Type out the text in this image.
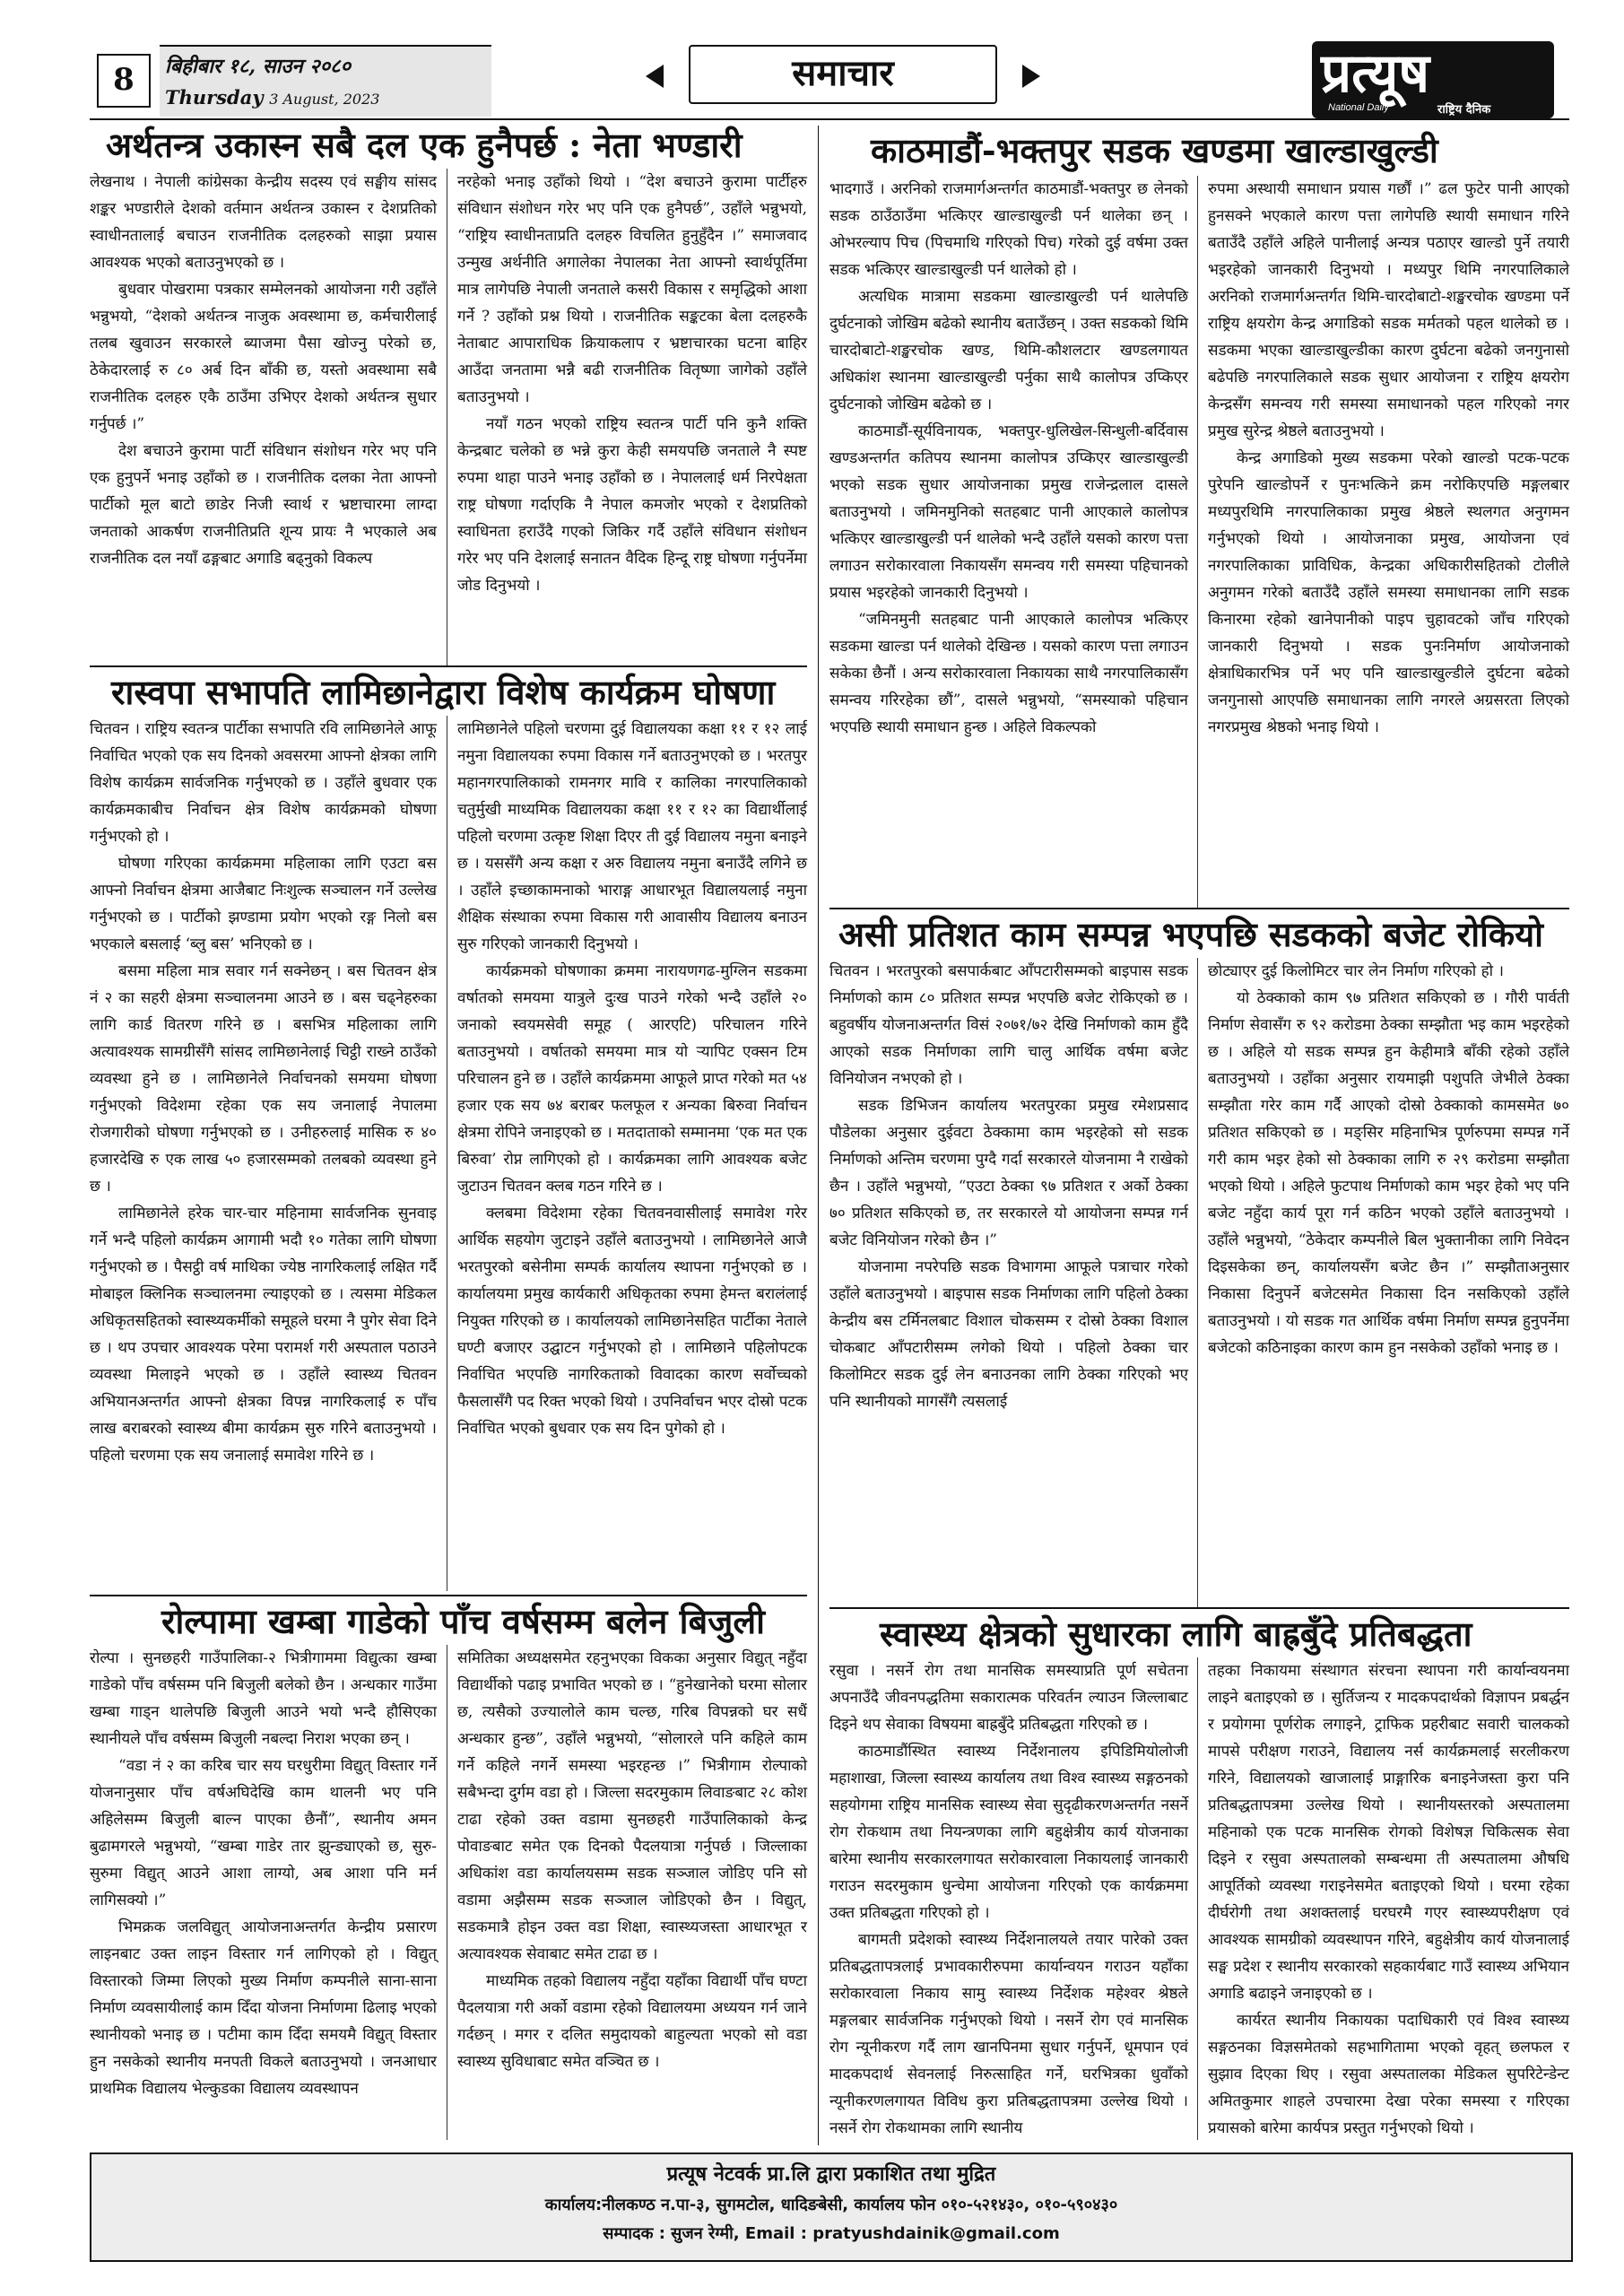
8	बिहीबार १८, साउन २०८०
Thursday 3 August, 2023
समाचार	प्रत्यूष
National Daily	राष्ट्रिय दैनिक
अर्थतन्त्र उकास्न सबै दल एक हुनैपर्छ : नेता भण्डारी

लेखनाथ । नेपाली कांग्रेसका केन्द्रीय सदस्य एवं सङ्घीय सांसद शङ्कर भण्डारीले देशको वर्तमान अर्थतन्त्र उकास्न र देशप्रतिको स्वाधीनतालाई बचाउन राजनीतिक दलहरुको साझा प्रयास आवश्यक भएको बताउनुभएको छ ।

बुधवार पोखरामा पत्रकार सम्मेलनको आयोजना गरी उहाँले भन्नुभयो, “देशको अर्थतन्त्र नाजुक अवस्थामा छ, कर्मचारीलाई तलब खुवाउन सरकारले ब्याजमा पैसा खोज्नु परेको छ, ठेकेदारलाई रु ८० अर्ब दिन बाँकी छ, यस्तो अवस्थामा सबै राजनीतिक दलहरु एकै ठाउँमा उभिएर देशको अर्थतन्त्र सुधार गर्नुपर्छ ।”

देश बचाउने कुरामा पार्टी संविधान संशोधन गरेर भए पनि एक हुनुपर्ने भनाइ उहाँको छ । राजनीतिक दलका नेता आफ्नो पार्टीको मूल बाटो छाडेर निजी स्वार्थ र भ्रष्टाचारमा लाग्दा जनताको आकर्षण राजनीतिप्रति शून्य प्रायः नै भएकाले अब राजनीतिक दल नयाँ ढङ्गबाट अगाडि बढ्नुको विकल्प

नरहेको भनाइ उहाँको थियो । “देश बचाउने कुरामा पार्टीहरु संविधान संशोधन गरेर भए पनि एक हुनैपर्छ”, उहाँले भन्नुभयो, “राष्ट्रिय स्वाधीनताप्रति दलहरु विचलित हुनुहुँदैन ।” समाजवाद उन्मुख अर्थनीति अगालेका नेपालका नेता आफ्नो स्वार्थपूर्तिमा मात्र लागेपछि नेपाली जनताले कसरी विकास र समृद्धिको आशा गर्ने ? उहाँको प्रश्न थियो । राजनीतिक सङ्कटका बेला दलहरुकै नेताबाट आपाराधिक क्रियाकलाप र भ्रष्टाचारका घटना बाहिर आउँदा जनतामा भन्नै बढी राजनीतिक वितृष्णा जागेको उहाँले बताउनुभयो ।

नयाँ गठन भएको राष्ट्रिय स्वतन्त्र पार्टी पनि कुनै शक्ति केन्द्रबाट चलेको छ भन्ने कुरा केही समयपछि जनताले नै स्पष्ट रुपमा थाहा पाउने भनाइ उहाँको छ । नेपाललाई धर्म निरपेक्षता राष्ट्र घोषणा गर्दाएकि नै नेपाल कमजोर भएको र देशप्रतिको स्वाधिनता हराउँदै गएको जिकिर गर्दै उहाँले संविधान संशोधन गरेर भए पनि देशलाई सनातन वैदिक हिन्दू राष्ट्र घोषणा गर्नुपर्नेमा जोड दिनुभयो ।

रास्वपा सभापति लामिछानेद्वारा विशेष कार्यक्रम घोषणा

चितवन । राष्ट्रिय स्वतन्त्र पार्टीका सभापति रवि लामिछानेले आफू निर्वाचित भएको एक सय दिनको अवसरमा आफ्नो क्षेत्रका लागि विशेष कार्यक्रम सार्वजनिक गर्नुभएको छ । उहाँले बुधवार एक कार्यक्रमकाबीच निर्वाचन क्षेत्र विशेष कार्यक्रमको घोषणा गर्नुभएको हो ।

घोषणा गरिएका कार्यक्रममा महिलाका लागि एउटा बस आफ्नो निर्वाचन क्षेत्रमा आजैबाट निःशुल्क सञ्चालन गर्ने उल्लेख गर्नुभएको छ । पार्टीको झण्डामा प्रयोग भएको रङ्ग निलो बस भएकाले बसलाई ‘ब्लु बस’ भनिएको छ ।

बसमा महिला मात्र सवार गर्न सक्नेछन् । बस चितवन क्षेत्र नं २ का सहरी क्षेत्रमा सञ्चालनमा आउने छ । बस चढ्नेहरुका लागि कार्ड वितरण गरिने छ । बसभित्र महिलाका लागि अत्यावश्यक सामग्रीसँगै सांसद लामिछानेलाई चिट्ठी राख्ने ठाउँको व्यवस्था हुने छ । लामिछानेले निर्वाचनको समयमा घोषणा गर्नुभएको विदेशमा रहेका एक सय जनालाई नेपालमा रोजगारीको घोषणा गर्नुभएको छ । उनीहरुलाई मासिक रु ४० हजारदेखि रु एक लाख ५० हजारसम्मको तलबको व्यवस्था हुने छ ।

लामिछानेले हरेक चार-चार महिनामा सार्वजनिक सुनवाइ गर्ने भन्दै पहिलो कार्यक्रम आगामी भदौ १० गतेका लागि घोषणा गर्नुभएको छ । पैसट्ठी वर्ष माथिका ज्येष्ठ नागरिकलाई लक्षित गर्दै मोबाइल क्लिनिक सञ्चालनमा ल्याइएको छ । त्यसमा मेडिकल अधिकृतसहितको स्वास्थ्यकर्मीको समूहले घरमा नै पुगेर सेवा दिने छ । थप उपचार आवश्यक परेमा परामर्श गरी अस्पताल पठाउने व्यवस्था मिलाइने भएको छ । उहाँले स्वास्थ्य चितवन अभियानअन्तर्गत आफ्नो क्षेत्रका विपन्न नागरिकलाई रु पाँच लाख बराबरको स्वास्थ्य बीमा कार्यक्रम सुरु गरिने बताउनुभयो । पहिलो चरणमा एक सय जनालाई समावेश गरिने छ ।

लामिछानेले पहिलो चरणमा दुई विद्यालयका कक्षा ११ र १२ लाई नमुना विद्यालयका रुपमा विकास गर्ने बताउनुभएको छ । भरतपुर महानगरपालिकाको रामनगर मावि र कालिका नगरपालिकाको चतुर्मुखी माध्यमिक विद्यालयका कक्षा ११ र १२ का विद्यार्थीलाई पहिलो चरणमा उत्कृष्ट शिक्षा दिएर ती दुई विद्यालय नमुना बनाइने छ । यससँगै अन्य कक्षा र अरु विद्यालय नमुना बनाउँदै लगिने छ । उहाँले इच्छाकामनाको भाराङ्ग आधारभूत विद्यालयलाई नमुना शैक्षिक संस्थाका रुपमा विकास गरी आवासीय विद्यालय बनाउन सुरु गरिएको जानकारी दिनुभयो ।

कार्यक्रमको घोषणाका क्रममा नारायणगढ-मुग्लिन सडकमा वर्षातको समयमा यात्रुले दुःख पाउने गरेको भन्दै उहाँले २० जनाको स्वयमसेवी समूह ( आरएटि) परिचालन गरिने बताउनुभयो । वर्षातको समयमा मात्र यो ऱ्यापिट एक्सन टिम परिचालन हुने छ । उहाँले कार्यक्रममा आफूले प्राप्त गरेको मत ५४ हजार एक सय ७४ बराबर फलफूल र अन्यका बिरुवा निर्वाचन क्षेत्रमा रोपिने जनाइएको छ । मतदाताको सम्मानमा ‘एक मत एक बिरुवा’ रोप्न लागिएको हो । कार्यक्रमका लागि आवश्यक बजेट जुटाउन चितवन क्लब गठन गरिने छ ।

क्लबमा विदेशमा रहेका चितवनवासीलाई समावेश गरेर आर्थिक सहयोग जुटाइने उहाँले बताउनुभयो । लामिछानेले आजै भरतपुरको बसेनीमा सम्पर्क कार्यालय स्थापना गर्नुभएको छ । कार्यालयमा प्रमुख कार्यकारी अधिकृतका रुपमा हेमन्त बरालंलाई नियुक्त गरिएको छ । कार्यालयको लामिछानेसहित पार्टीका नेताले घण्टी बजाएर उद्घाटन गर्नुभएको हो । लामिछाने पहिलोपटक निर्वाचित भएपछि नागरिकताको विवादका कारण सर्वोच्चको फैसलासँगै पद रिक्त भएको थियो । उपनिर्वाचन भएर दोस्रो पटक निर्वाचित भएको बुधवार एक सय दिन पुगेको हो ।

रोल्पामा खम्बा गाडेको पाँच वर्षसम्म बलेन बिजुली

रोल्पा । सुनछहरी गाउँपालिका-२ भित्रीगाममा विद्युत्का खम्बा गाडेको पाँच वर्षसम्म पनि बिजुली बलेको छैन । अन्धकार गाउँमा खम्बा गाड्न थालेपछि बिजुली आउने भयो भन्दै हौसिएका स्थानीयले पाँच वर्षसम्म बिजुली नबल्दा निराश भएका छन् ।

“वडा नं २ का करिब चार सय घरधुरीमा विद्युत् विस्तार गर्ने योजनानुसार पाँच वर्षअघिदेखि काम थालनी भए पनि अहिलेसम्म बिजुली बाल्न पाएका छैनौं”, स्थानीय अमन बुढामगरले भन्नुभयो, “खम्बा गाडेर तार झुन्ड्याएको छ, सुरु-सुरुमा विद्युत् आउने आशा लाग्यो, अब आशा पनि मर्न लागिसक्यो ।”

भिमक्रक जलविद्युत् आयोजनाअन्तर्गत केन्द्रीय प्रसारण लाइनबाट उक्त लाइन विस्तार गर्न लागिएको हो । विद्युत् विस्तारको जिम्मा लिएको मुख्य निर्माण कम्पनीले साना-साना निर्माण व्यवसायीलाई काम दिँदा योजना निर्माणमा ढिलाइ भएको स्थानीयको भनाइ छ । पटीमा काम दिँदा समयमै विद्युत् विस्तार हुन नसकेको स्थानीय मनपती विकले बताउनुभयो । जनआधार प्राथमिक विद्यालय भेल्कुडका विद्यालय व्यवस्थापन

समितिका अध्यक्षसमेत रहनुभएका विकका अनुसार विद्युत् नहुँदा विद्यार्थीको पढाइ प्रभावित भएको छ । “हुनेखानेको घरमा सोलार छ, त्यसैको उज्यालोले काम चल्छ, गरिब विपन्नको घर सधैं अन्धकार हुन्छ”, उहाँले भन्नुभयो, “सोलारले पनि कहिले काम गर्ने कहिले नगर्ने समस्या भइरहन्छ ।” भित्रीगाम रोल्पाको सबैभन्दा दुर्गम वडा हो । जिल्ला सदरमुकाम लिवाङबाट २८ कोश टाढा रहेको उक्त वडामा सुनछहरी गाउँपालिकाको केन्द्र पोवाङबाट समेत एक दिनको पैदलयात्रा गर्नुपर्छ । जिल्लाका अधिकांश वडा कार्यालयसम्म सडक सञ्जाल जोडिए पनि सो वडामा अझैसम्म सडक सञ्जाल जोडिएको छैन । विद्युत्, सडकमात्रै होइन उक्त वडा शिक्षा, स्वास्थ्यजस्ता आधारभूत र अत्यावश्यक सेवाबाट समेत टाढा छ ।

माध्यमिक तहको विद्यालय नहुँदा यहाँका विद्यार्थी पाँच घण्टा पैदलयात्रा गरी अर्को वडामा रहेको विद्यालयमा अध्ययन गर्न जाने गर्दछन् । मगर र दलित समुदायको बाहुल्यता भएको सो वडा स्वास्थ्य सुविधाबाट समेत वञ्चित छ ।

काठमाडौं-भक्तपुर सडक खण्डमा खाल्डाखुल्डी

भादगाउँ । अरनिको राजमार्गअन्तर्गत काठमाडौं-भक्तपुर छ लेनको सडक ठाउँठाउँमा भत्किएर खाल्डाखुल्डी पर्न थालेका छन् । ओभरल्याप पिच (पिचमाथि गरिएको पिच) गरेको दुई वर्षमा उक्त सडक भत्किएर खाल्डाखुल्डी पर्न थालेको हो ।

अत्यधिक मात्रामा सडकमा खाल्डाखुल्डी पर्न थालेपछि दुर्घटनाको जोखिम बढेको स्थानीय बताउँछन् । उक्त सडकको थिमि चारदोबाटो-शङ्खरचोक खण्ड, थिमि-कौशलटार खण्डलगायत अधिकांश स्थानमा खाल्डाखुल्डी पर्नुका साथै कालोपत्र उप्किएर दुर्घटनाको जोखिम बढेको छ ।

काठमाडौं-सूर्यविनायक, भक्तपुर-धुलिखेल-सिन्धुली-बर्दिवास खण्डअन्तर्गत कतिपय स्थानमा कालोपत्र उप्किएर खाल्डाखुल्डी भएको सडक सुधार आयोजनाका प्रमुख राजेन्द्रलाल दासले बताउनुभयो । जमिनमुनिको सतहबाट पानी आएकाले कालोपत्र भत्किएर खाल्डाखुल्डी पर्न थालेको भन्दै उहाँले यसको कारण पत्ता लगाउन सरोकारवाला निकायसँग समन्वय गरी समस्या पहिचानको प्रयास भइरहेको जानकारी दिनुभयो ।

“जमिनमुनी सतहबाट पानी आएकाले कालोपत्र भत्किएर सडकमा खाल्डा पर्न थालेको देखिन्छ । यसको कारण पत्ता लगाउन सकेका छैनौं । अन्य सरोकारवाला निकायका साथै नगरपालिकासँग समन्वय गरिरहेका छौं”, दासले भन्नुभयो, “समस्याको पहिचान भएपछि स्थायी समाधान हुन्छ । अहिले विकल्पको

रुपमा अस्थायी समाधान प्रयास गर्छौं ।” ढल फुटेर पानी आएको हुनसक्ने भएकाले कारण पत्ता लागेपछि स्थायी समाधान गरिने बताउँदै उहाँले अहिले पानीलाई अन्यत्र पठाएर खाल्डो पुर्ने तयारी भइरहेको जानकारी दिनुभयो । मध्यपुर थिमि नगरपालिकाले अरनिको राजमार्गअन्तर्गत थिमि-चारदोबाटो-शङ्खरचोक खण्डमा पर्ने राष्ट्रिय क्षयरोग केन्द्र अगाडिको सडक मर्मतको पहल थालेको छ । सडकमा भएका खाल्डाखुल्डीका कारण दुर्घटना बढेको जनगुनासो बढेपछि नगरपालिकाले सडक सुधार आयोजना र राष्ट्रिय क्षयरोग केन्द्रसँग समन्वय गरी समस्या समाधानको पहल गरिएको नगर प्रमुख सुरेन्द्र श्रेष्ठले बताउनुभयो ।

केन्द्र अगाडिको मुख्य सडकमा परेको खाल्डो पटक-पटक पुरेपनि खाल्डोपर्ने र पुनःभत्किने क्रम नरोकिएपछि मङ्गलबार मध्यपुरथिमि नगरपालिकाका प्रमुख श्रेष्ठले स्थलगत अनुगमन गर्नुभएको थियो । आयोजनाका प्रमुख, आयोजना एवं नगरपालिकाका प्राविधिक, केन्द्रका अधिकारीसहितको टोलीले अनुगमन गरेको बताउँदै उहाँले समस्या समाधानका लागि सडक किनारमा रहेको खानेपानीको पाइप चुहावटको जाँच गरिएको जानकारी दिनुभयो । सडक पुनःनिर्माण आयोजनाको क्षेत्राधिकारभित्र पर्ने भए पनि खाल्डाखुल्डीले दुर्घटना बढेको जनगुनासो आएपछि समाधानका लागि नगरले अग्रसरता लिएको नगरप्रमुख श्रेष्ठको भनाइ थियो ।

असी प्रतिशत काम सम्पन्न भएपछि सडकको बजेट रोकियो

चितवन । भरतपुरको बसपार्कबाट आँपटारीसम्मको बाइपास सडक निर्माणको काम ८० प्रतिशत सम्पन्न भएपछि बजेट रोकिएको छ । बहुवर्षीय योजनाअन्तर्गत विसं २०७१/७२ देखि निर्माणको काम हुँदै आएको सडक निर्माणका लागि चालु आर्थिक वर्षमा बजेट विनियोजन नभएको हो ।

सडक डिभिजन कार्यालय भरतपुरका प्रमुख रमेशप्रसाद पौडेलका अनुसार दुईवटा ठेक्कामा काम भइरहेको सो सडक निर्माणको अन्तिम चरणमा पुग्दै गर्दा सरकारले योजनामा नै राखेको छैन । उहाँले भन्नुभयो, “एउटा ठेक्का ९७ प्रतिशत र अर्को ठेक्का ७० प्रतिशत सकिएको छ, तर सरकारले यो आयोजना सम्पन्न गर्न बजेट विनियोजन गरेको छैन ।”

योजनामा नपरेपछि सडक विभागमा आफूले पत्राचार गरेको उहाँले बताउनुभयो । बाइपास सडक निर्माणका लागि पहिलो ठेक्का केन्द्रीय बस टर्मिनलबाट विशाल चोकसम्म र दोस्रो ठेक्का विशाल चोकबाट आँपटारीसम्म लगेको थियो । पहिलो ठेक्का चार किलोमिटर सडक दुई लेन बनाउनका लागि ठेक्का गरिएको भए पनि स्थानीयको मागसँगै त्यसलाई

छोट्याएर दुई किलोमिटर चार लेन निर्माण गरिएको हो ।

यो ठेक्काको काम ९७ प्रतिशत सकिएको छ । गौरी पार्वती निर्माण सेवासँग रु ९२ करोडमा ठेक्का सम्झौता भइ काम भइरहेको छ । अहिले यो सडक सम्पन्न हुन केहीमात्रै बाँकी रहेको उहाँले बताउनुभयो । उहाँका अनुसार रायमाझी पशुपति जेभीले ठेक्का सम्झौता गरेर काम गर्दै आएको दोस्रो ठेक्काको कामसमेत ७० प्रतिशत सकिएको छ । मङ्सिर महिनाभित्र पूर्णरुपमा सम्पन्न गर्ने गरी काम भइर हेको सो ठेक्काका लागि रु २९ करोडमा सम्झौता भएको थियो । अहिले फुटपाथ निर्माणको काम भइर हेको भए पनि बजेट नहुँदा कार्य पूरा गर्न कठिन भएको उहाँले बताउनुभयो । उहाँले भन्नुभयो, “ठेकेदार कम्पनीले बिल भुक्तानीका लागि निवेदन दिइसकेका छन्, कार्यालयसँग बजेट छैन ।” सम्झौताअनुसार निकासा दिनुपर्ने बजेटसमेत निकासा दिन नसकिएको उहाँले बताउनुभयो । यो सडक गत आर्थिक वर्षमा निर्माण सम्पन्न हुनुपर्नेमा बजेटको कठिनाइका कारण काम हुन नसकेको उहाँको भनाइ छ ।

स्वास्थ्य क्षेत्रको सुधारका लागि बाह्रबुँदे प्रतिबद्धता

रसुवा । नसर्ने रोग तथा मानसिक समस्याप्रति पूर्ण सचेतना अपनाउँदै जीवनपद्धतिमा सकारात्मक परिवर्तन ल्याउन जिल्लाबाट दिइने थप सेवाका विषयमा बाह्रबुँदे प्रतिबद्धता गरिएको छ ।

काठमाडौंस्थित स्वास्थ्य निर्देशनालय इपिडिमियोलोजी महाशाखा, जिल्ला स्वास्थ्य कार्यालय तथा विश्व स्वास्थ्य सङ्गठनको सहयोगमा राष्ट्रिय मानसिक स्वास्थ्य सेवा सुदृढीकरणअन्तर्गत नसर्ने रोग रोकथाम तथा नियन्त्रणका लागि बहुक्षेत्रीय कार्य योजनाका बारेमा स्थानीय सरकारलगायत सरोकारवाला निकायलाई जानकारी गराउन सदरमुकाम धुन्चेमा आयोजना गरिएको एक कार्यक्रममा उक्त प्रतिबद्धता गरिएको हो ।

बागमती प्रदेशको स्वास्थ्य निर्देशनालयले तयार पारेको उक्त प्रतिबद्धतापत्रलाई प्रभावकारीरुपमा कार्यान्वयन गराउन यहाँका सरोकारवाला निकाय सामु स्वास्थ्य निर्देशक महेश्वर श्रेष्ठले मङ्गलबार सार्वजनिक गर्नुभएको थियो । नसर्ने रोग एवं मानसिक रोग न्यूनीकरण गर्दै लाग खानपिनमा सुधार गर्नुपर्ने, धूमपान एवं मादकपदार्थ सेवनलाई निरुत्साहित गर्ने, घरभित्रका धुवाँको न्यूनीकरणलगायत विविध कुरा प्रतिबद्धतापत्रमा उल्लेख थियो । नसर्ने रोग रोकथामका लागि स्थानीय

तहका निकायमा संस्थागत संरचना स्थापना गरी कार्यान्वयनमा लाइने बताइएको छ । सुर्तिजन्य र मादकपदार्थको विज्ञापन प्रबर्द्धन र प्रयोगमा पूर्णरोक लगाइने, ट्राफिक प्रहरीबाट सवारी चालकको मापसे परीक्षण गराउने, विद्यालय नर्स कार्यक्रमलाई सरलीकरण गरिने, विद्यालयको खाजालाई प्राङ्गारिक बनाइनेजस्ता कुरा पनि प्रतिबद्धतापत्रमा उल्लेख थियो । स्थानीयस्तरको अस्पतालमा महिनाको एक पटक मानसिक रोगको विशेषज्ञ चिकित्सक सेवा दिइने र रसुवा अस्पतालको सम्बन्धमा ती अस्पतालमा औषधि आपूर्तिको व्यवस्था गराइनेसमेत बताइएको थियो । घरमा रहेका दीर्घरोगी तथा अशक्तलाई घरघरमै गएर स्वास्थ्यपरीक्षण एवं आवश्यक सामग्रीको व्यवस्थापन गरिने, बहुक्षेत्रीय कार्य योजनालाई सङ्घ प्रदेश र स्थानीय सरकारको सहकार्यबाट गाउँ स्वास्थ्य अभियान अगाडि बढाइने जनाइएको छ ।

कार्यरत स्थानीय निकायका पदाधिकारी एवं विश्व स्वास्थ्य सङ्गठनका विज्ञसमेतको सहभागितामा भएको वृहत् छलफल र सुझाव दिएका थिए । रसुवा अस्पतालका मेडिकल सुपरिटेन्डेन्ट अमितकुमार शाहले उपचारमा देखा परेका समस्या र गरिएका प्रयासको बारेमा कार्यपत्र प्रस्तुत गर्नुभएको थियो ।

प्रत्यूष नेटवर्क प्रा.लि द्वारा प्रकाशित तथा मुद्रित
कार्यालय:नीलकण्ठ न.पा-३, सुगमटोल, धादिङबेसी, कार्यालय फोन ०१०-५२१४३०, ०१०-५९०४३०
सम्पादक : सुजन रेग्मी, Email : pratyushdainik@gmail.com
